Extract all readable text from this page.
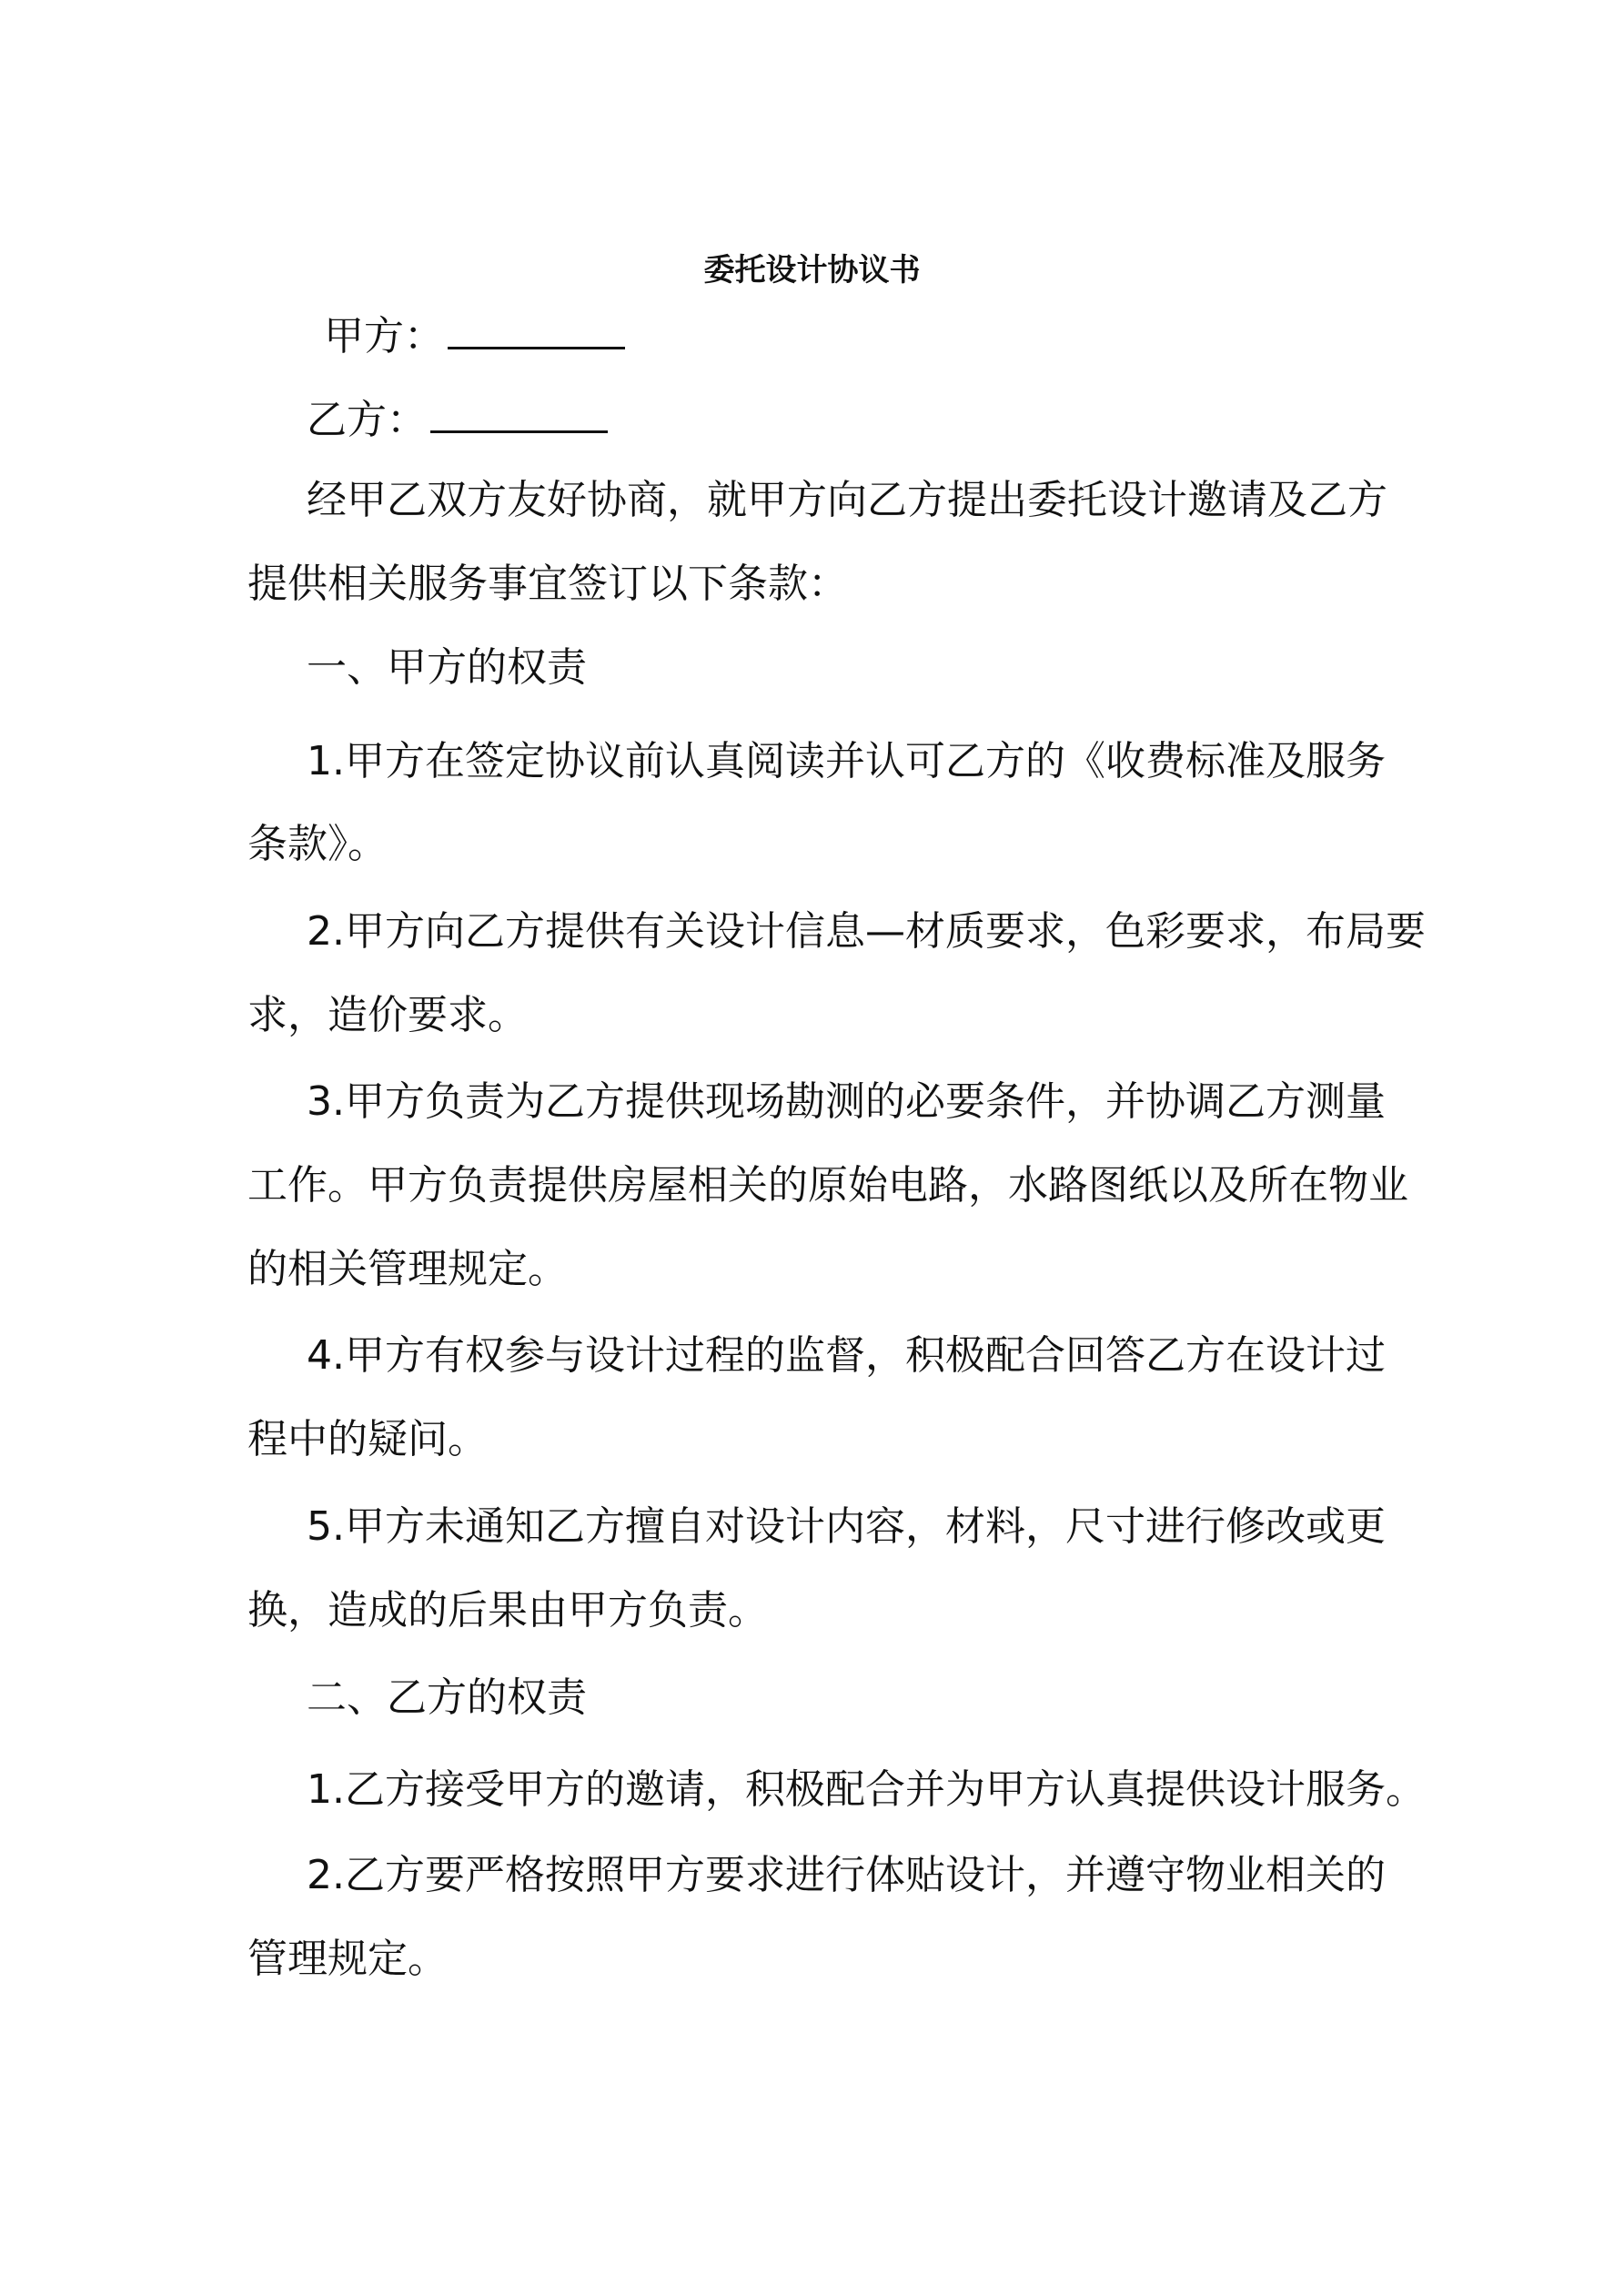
委托设计协议书
甲方：
乙方：
经甲乙双方友好协商，就甲方向乙方提出委托设计邀请及乙方
提供相关服务事宜签订以下条款：
一、甲方的权责
1.甲方在签定协议前认真阅读并认可乙方的《收费标准及服务
条款》。
2.甲方向乙方提供有关设计信息—材质要求，色彩要求，布局要
求，造价要求。
3.甲方负责为乙方提供现场勘测的必要条件，并协调乙方测量
工作。甲方负责提供房屋相关的原始电路，水路图纸以及所在物业
的相关管理规定。
4.甲方有权参与设计过程的监督，积极配合回答乙方在设计过
程中的疑问。
5.甲方未通知乙方擅自对设计内容，材料，尺寸进行修改或更
换，造成的后果由甲方负责。
二、乙方的权责
1.乙方接受甲方的邀请，积极配合并为甲方认真提供设计服务。
2.乙方要严格按照甲方要求进行体贴设计，并遵守物业相关的
管理规定。
